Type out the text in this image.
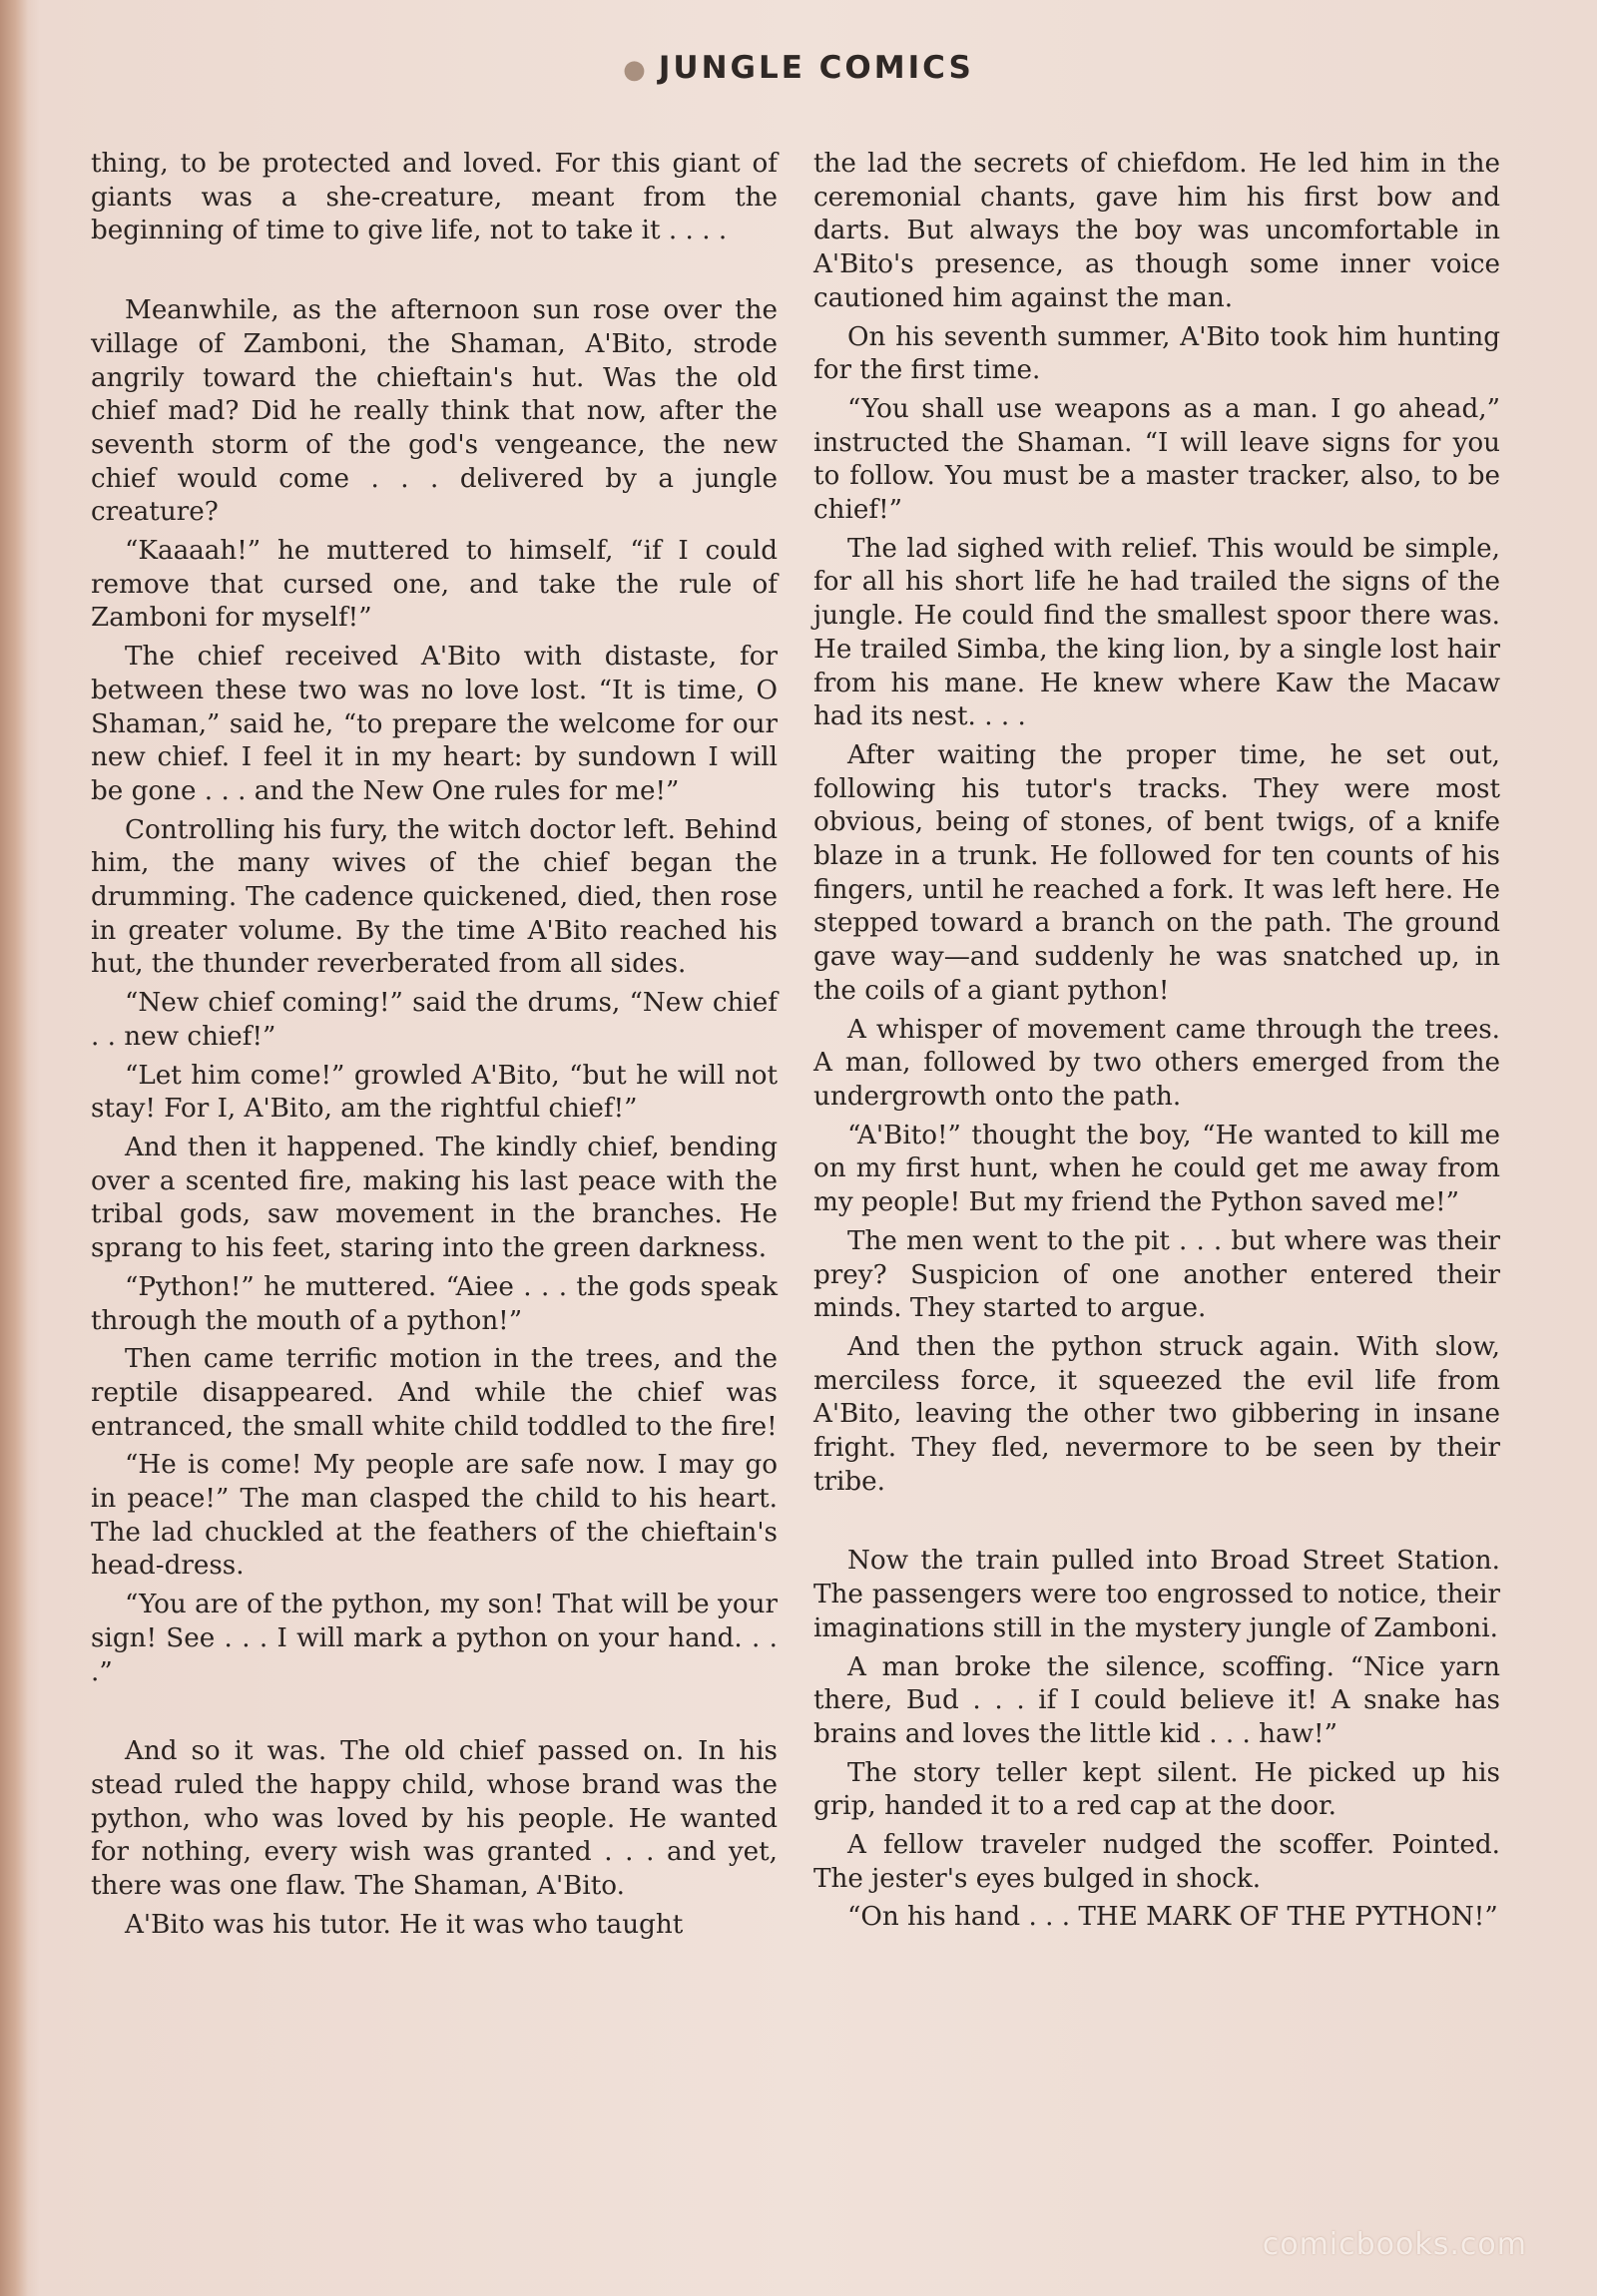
● JUNGLE COMICS

thing, to be protected and loved. For this giant of giants was a she-creature, meant from the beginning of time to give life, not to take it . . . .

Meanwhile, as the afternoon sun rose over the village of Zamboni, the Shaman, A'Bito, strode angrily toward the chieftain's hut. Was the old chief mad? Did he really think that now, after the seventh storm of the god's vengeance, the new chief would come . . . delivered by a jungle creature?

“Kaaaah!” he muttered to himself, “if I could remove that cursed one, and take the rule of Zamboni for myself!”

The chief received A'Bito with distaste, for between these two was no love lost. “It is time, O Shaman,” said he, “to prepare the welcome for our new chief. I feel it in my heart: by sundown I will be gone . . . and the New One rules for me!”

Controlling his fury, the witch doctor left. Behind him, the many wives of the chief began the drumming. The cadence quickened, died, then rose in greater volume. By the time A'Bito reached his hut, the thunder reverberated from all sides.

“New chief coming!” said the drums, “New chief . . new chief!”

“Let him come!” growled A'Bito, “but he will not stay! For I, A'Bito, am the rightful chief!”

And then it happened. The kindly chief, bending over a scented fire, making his last peace with the tribal gods, saw movement in the branches. He sprang to his feet, staring into the green darkness.

“Python!” he muttered. “Aiee . . . the gods speak through the mouth of a python!”

Then came terrific motion in the trees, and the reptile disappeared. And while the chief was entranced, the small white child toddled to the fire!

“He is come! My people are safe now. I may go in peace!” The man clasped the child to his heart. The lad chuckled at the feathers of the chieftain's head-dress.

“You are of the python, my son! That will be your sign! See . . . I will mark a python on your hand. . . .”

And so it was. The old chief passed on. In his stead ruled the happy child, whose brand was the python, who was loved by his people. He wanted for nothing, every wish was granted . . . and yet, there was one flaw. The Shaman, A'Bito.

A'Bito was his tutor. He it was who taught

the lad the secrets of chiefdom. He led him in the ceremonial chants, gave him his first bow and darts. But always the boy was uncomfortable in A'Bito's presence, as though some inner voice cautioned him against the man.

On his seventh summer, A'Bito took him hunting for the first time.

“You shall use weapons as a man. I go ahead,” instructed the Shaman. “I will leave signs for you to follow. You must be a master tracker, also, to be chief!”

The lad sighed with relief. This would be simple, for all his short life he had trailed the signs of the jungle. He could find the smallest spoor there was. He trailed Simba, the king lion, by a single lost hair from his mane. He knew where Kaw the Macaw had its nest. . . .

After waiting the proper time, he set out, following his tutor's tracks. They were most obvious, being of stones, of bent twigs, of a knife blaze in a trunk. He followed for ten counts of his fingers, until he reached a fork. It was left here. He stepped toward a branch on the path. The ground gave way—and suddenly he was snatched up, in the coils of a giant python!

A whisper of movement came through the trees. A man, followed by two others emerged from the undergrowth onto the path.

“A'Bito!” thought the boy, “He wanted to kill me on my first hunt, when he could get me away from my people! But my friend the Python saved me!”

The men went to the pit . . . but where was their prey? Suspicion of one another entered their minds. They started to argue.

And then the python struck again. With slow, merciless force, it squeezed the evil life from A'Bito, leaving the other two gibbering in insane fright. They fled, nevermore to be seen by their tribe.

Now the train pulled into Broad Street Station. The passengers were too engrossed to notice, their imaginations still in the mystery jungle of Zamboni.

A man broke the silence, scoffing. “Nice yarn there, Bud . . . if I could believe it! A snake has brains and loves the little kid . . . haw!”

The story teller kept silent. He picked up his grip, handed it to a red cap at the door.

A fellow traveler nudged the scoffer. Pointed. The jester's eyes bulged in shock.

“On his hand . . . THE MARK OF THE PYTHON!”

comicbooks.com
